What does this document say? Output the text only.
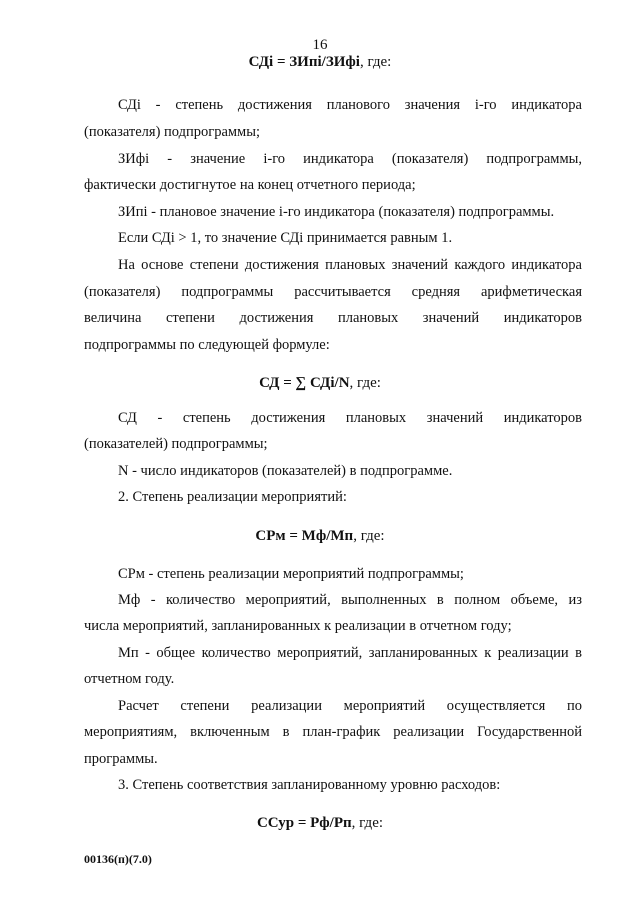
16
СДi = ЗИпi/ЗИфi, где:
СДi - степень достижения планового значения i-го индикатора
(показателя) подпрограммы;
ЗИфi - значение i-го индикатора (показателя) подпрограммы,
фактически достигнутое на конец отчетного периода;
ЗИпi - плановое значение i-го индикатора (показателя) подпрограммы.
Если СДi > 1, то значение СДi принимается равным 1.
На основе степени достижения плановых значений каждого индикатора
(показателя) подпрограммы рассчитывается средняя арифметическая
величина степени достижения плановых значений индикаторов
подпрограммы по следующей формуле:
СД = ∑ СДi/N, где:
СД - степень достижения плановых значений индикаторов
(показателей) подпрограммы;
N - число индикаторов (показателей) в подпрограмме.
2. Степень реализации мероприятий:
СРм = Мф/Мп, где:
СРм - степень реализации мероприятий подпрограммы;
Мф - количество мероприятий, выполненных в полном объеме, из
числа мероприятий, запланированных к реализации в отчетном году;
Мп - общее количество мероприятий, запланированных к реализации в
отчетном году.
Расчет степени реализации мероприятий осуществляется по
мероприятиям, включенным в план-график реализации Государственной
программы.
3. Степень соответствия запланированному уровню расходов:
ССур = Рф/Рп, где:
00136(п)(7.0)
